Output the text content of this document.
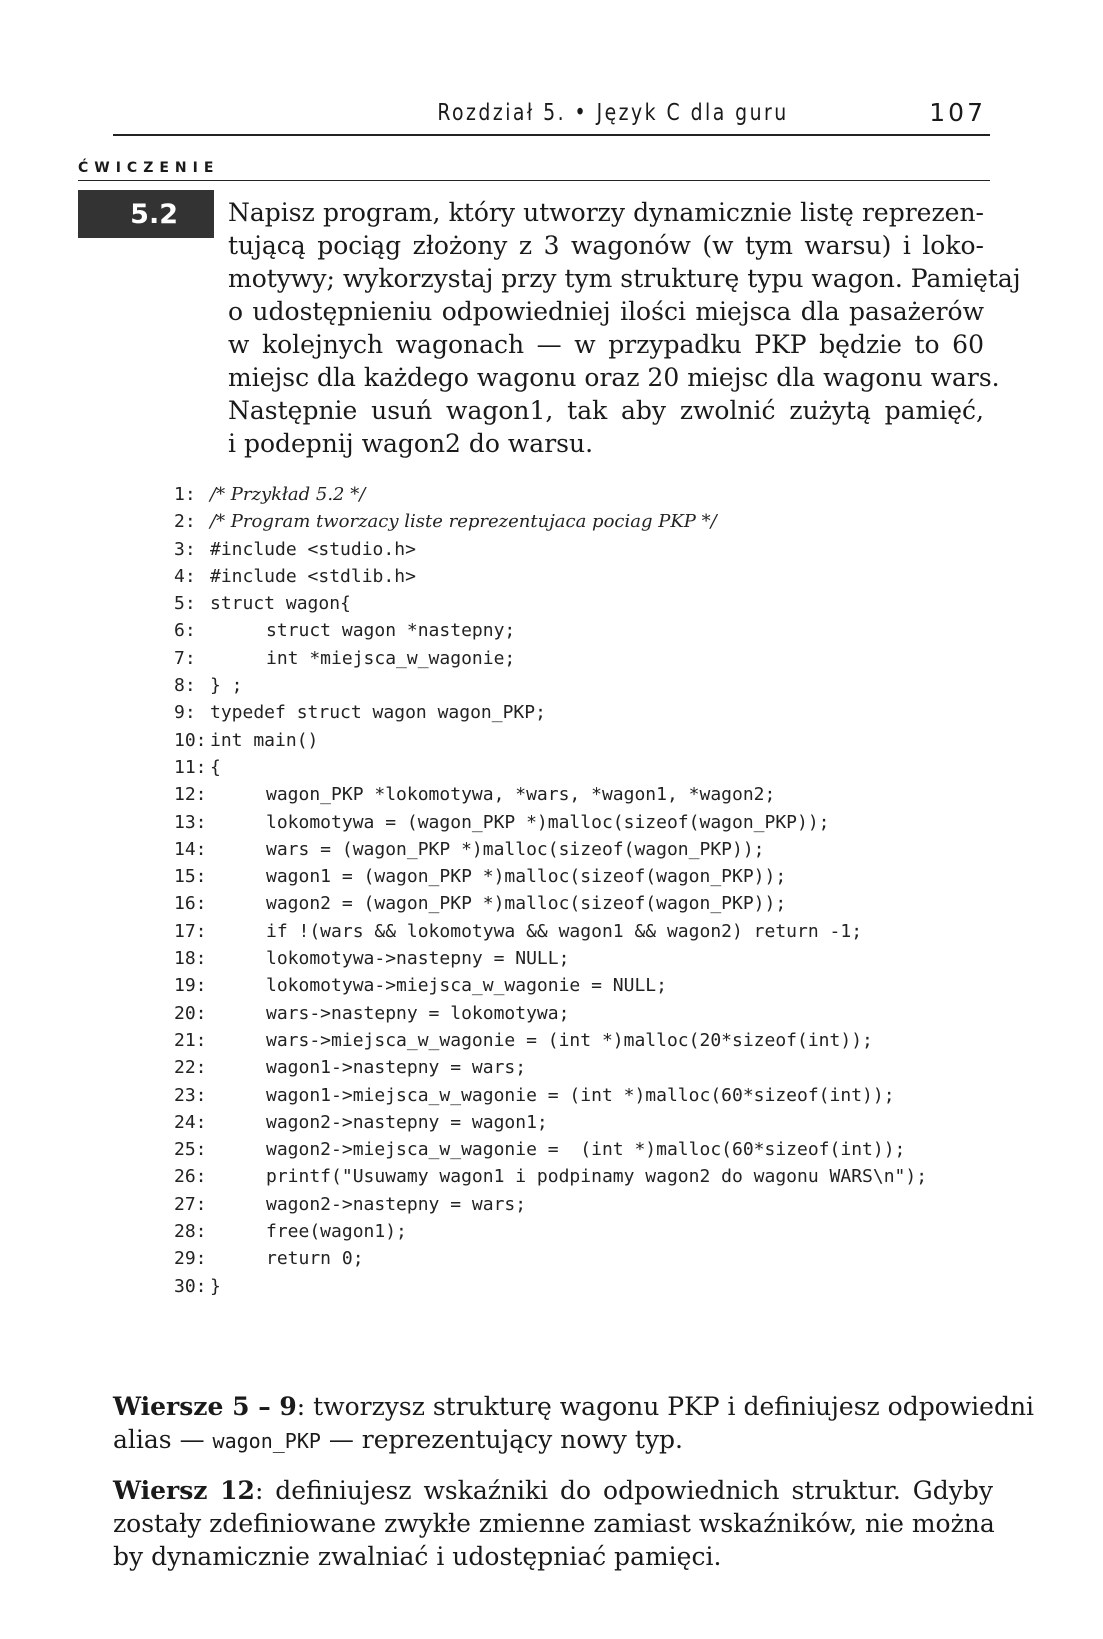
Rozdział 5. • Język C dla guru	107
ĆWICZENIE
5.2	Napisz program, który utworzy dynamicznie listę reprezen-
tującą pociąg złożony z 3 wagonów (w tym warsu) i loko-
motywy; wykorzystaj przy tym strukturę typu wagon. Pamiętaj
o udostępnieniu odpowiedniej ilości miejsca dla pasażerów
w kolejnych wagonach — w przypadku PKP będzie to 60
miejsc dla każdego wagonu oraz 20 miejsc dla wagonu wars.
Następnie usuń wagon1, tak aby zwolnić zużytą pamięć,
i podepnij wagon2 do warsu.
1: /* Przykład 5.2 */
2: /* Program tworzacy liste reprezentujaca pociag PKP */
3: #include <studio.h>
4: #include <stdlib.h>
5: struct wagon{
6:	struct wagon *nastepny;
7:	int *miejsca_w_wagonie;
8: } ;
9: typedef struct wagon wagon_PKP;
10: int main()
11: {
12:	wagon_PKP *lokomotywa, *wars, *wagon1, *wagon2;
13:	lokomotywa = (wagon_PKP *)malloc(sizeof(wagon_PKP));
14:	wars = (wagon_PKP *)malloc(sizeof(wagon_PKP));
15:	wagon1 = (wagon_PKP *)malloc(sizeof(wagon_PKP));
16:	wagon2 = (wagon_PKP *)malloc(sizeof(wagon_PKP));
17:	if !(wars && lokomotywa && wagon1 && wagon2) return -1;
18:	lokomotywa->nastepny = NULL;
19:	lokomotywa->miejsca_w_wagonie = NULL;
20:	wars->nastepny = lokomotywa;
21:	wars->miejsca_w_wagonie = (int *)malloc(20*sizeof(int));
22:	wagon1->nastepny = wars;
23:	wagon1->miejsca_w_wagonie = (int *)malloc(60*sizeof(int));
24:	wagon2->nastepny = wagon1;
25:	wagon2->miejsca_w_wagonie =  (int *)malloc(60*sizeof(int));
26:	printf("Usuwamy wagon1 i podpinamy wagon2 do wagonu WARS\n");
27:	wagon2->nastepny = wars;
28:	free(wagon1);
29:	return 0;
30: }
Wiersze 5 – 9: tworzysz strukturę wagonu PKP i definiujesz odpowiedni
alias — wagon_PKP — reprezentujący nowy typ.
Wiersz 12: definiujesz wskaźniki do odpowiednich struktur. Gdyby
zostały zdefiniowane zwykłe zmienne zamiast wskaźników, nie można
by dynamicznie zwalniać i udostępniać pamięci.
